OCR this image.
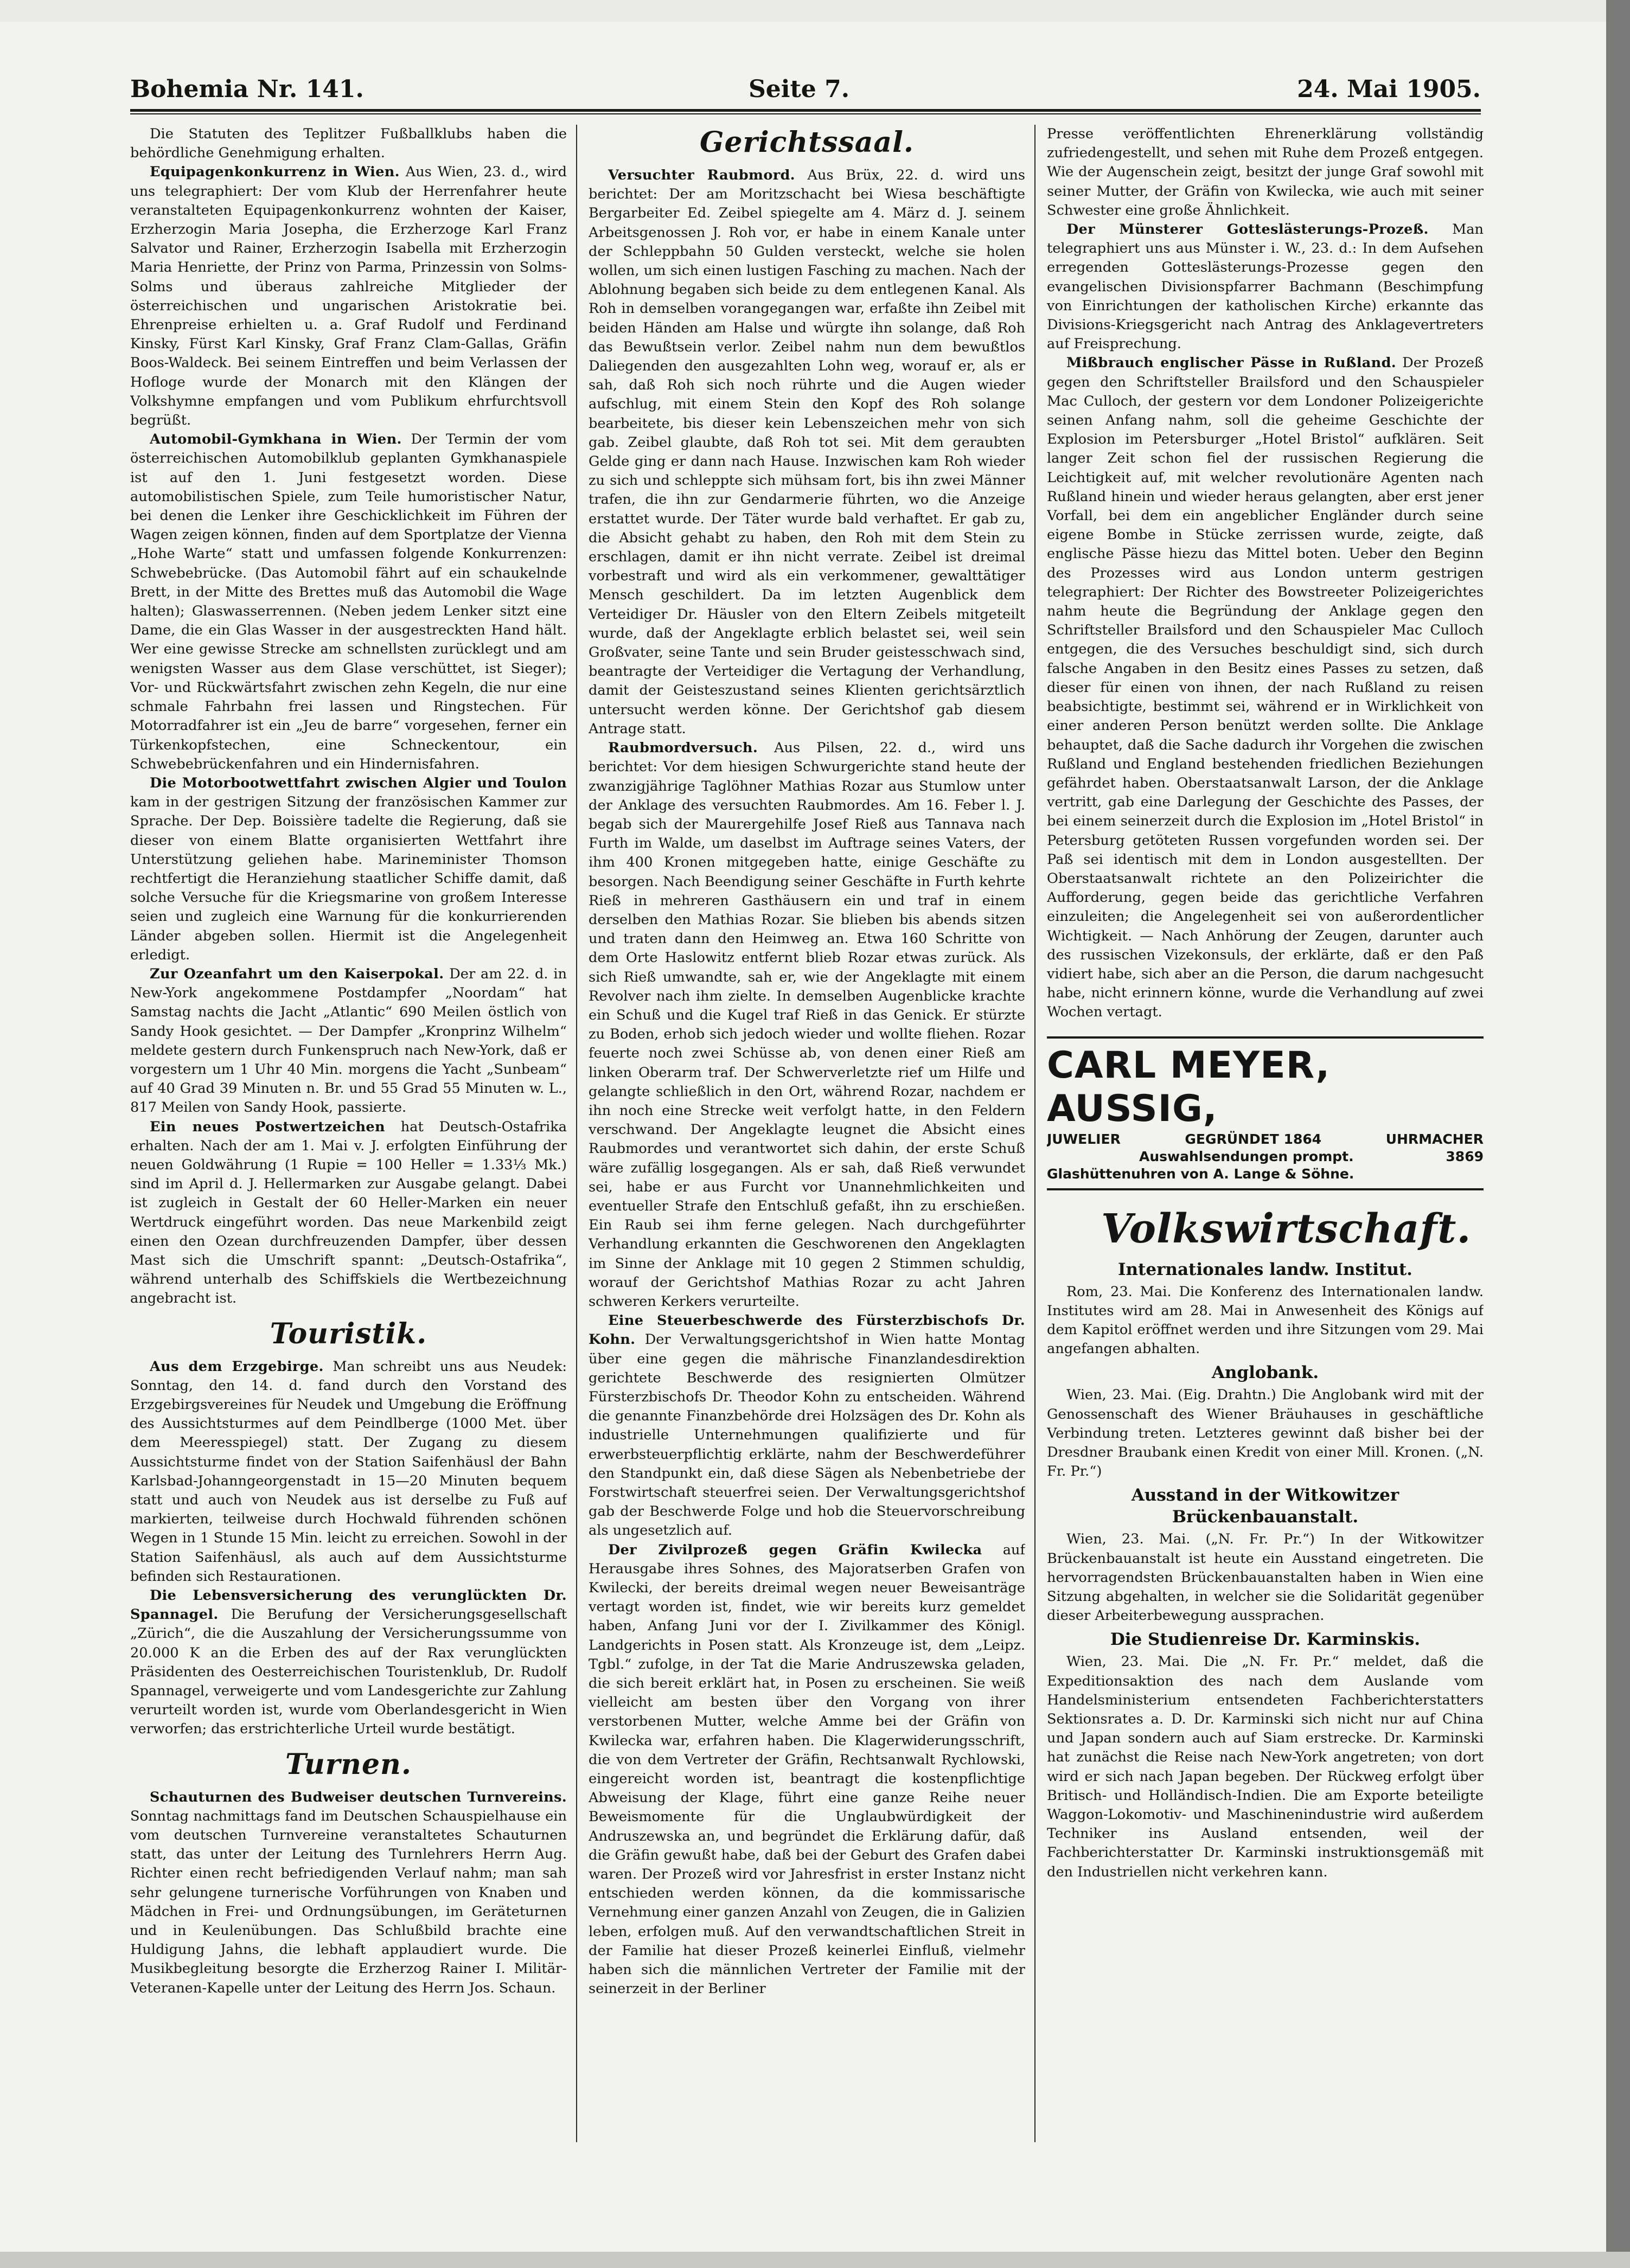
Bohemia Nr. 141.	Seite 7.	24. Mai 1905.

Die Statuten des Teplitzer Fußballklubs haben die behördliche Genehmigung erhalten.

Equipagenkonkurrenz in Wien. Aus Wien, 23. d., wird uns telegraphiert: Der vom Klub der Herrenfahrer heute veranstalteten Equipagenkonkurrenz wohnten der Kaiser, Erzherzogin Maria Josepha, die Erzherzoge Karl Franz Salvator und Rainer, Erzherzogin Isabella mit Erzherzogin Maria Henriette, der Prinz von Parma, Prinzessin von Solms-Solms und überaus zahlreiche Mitglieder der österreichischen und ungarischen Aristokratie bei. Ehrenpreise erhielten u. a. Graf Rudolf und Ferdinand Kinsky, Fürst Karl Kinsky, Graf Franz Clam-Gallas, Gräfin Boos-Waldeck. Bei seinem Eintreffen und beim Verlassen der Hofloge wurde der Monarch mit den Klängen der Volkshymne empfangen und vom Publikum ehrfurchtsvoll begrüßt.

Automobil-Gymkhana in Wien. Der Termin der vom österreichischen Automobilklub geplanten Gymkhanaspiele ist auf den 1. Juni festgesetzt worden. Diese automobilistischen Spiele, zum Teile humoristischer Natur, bei denen die Lenker ihre Geschicklichkeit im Führen der Wagen zeigen können, finden auf dem Sportplatze der Vienna „Hohe Warte“ statt und umfassen folgende Konkurrenzen: Schwebebrücke. (Das Automobil fährt auf ein schaukelnde Brett, in der Mitte des Brettes muß das Automobil die Wage halten); Glaswasserrennen. (Neben jedem Lenker sitzt eine Dame, die ein Glas Wasser in der ausgestreckten Hand hält. Wer eine gewisse Strecke am schnellsten zurücklegt und am wenigsten Wasser aus dem Glase verschüttet, ist Sieger); Vor- und Rückwärtsfahrt zwischen zehn Kegeln, die nur eine schmale Fahrbahn frei lassen und Ringstechen. Für Motorradfahrer ist ein „Jeu de barre“ vorgesehen, ferner ein Türkenkopfstechen, eine Schneckentour, ein Schwebebrückenfahren und ein Hindernisfahren.

Die Motorbootwettfahrt zwischen Algier und Toulon kam in der gestrigen Sitzung der französischen Kammer zur Sprache. Der Dep. Boissière tadelte die Regierung, daß sie dieser von einem Blatte organisierten Wettfahrt ihre Unterstützung geliehen habe. Marineminister Thomson rechtfertigt die Heranziehung staatlicher Schiffe damit, daß solche Versuche für die Kriegsmarine von großem Interesse seien und zugleich eine Warnung für die konkurrierenden Länder abgeben sollen. Hiermit ist die Angelegenheit erledigt.

Zur Ozeanfahrt um den Kaiserpokal. Der am 22. d. in New-York angekommene Postdampfer „Noordam“ hat Samstag nachts die Jacht „Atlantic“ 690 Meilen östlich von Sandy Hook gesichtet. — Der Dampfer „Kronprinz Wilhelm“ meldete gestern durch Funkenspruch nach New-York, daß er vorgestern um 1 Uhr 40 Min. morgens die Yacht „Sunbeam“ auf 40 Grad 39 Minuten n. Br. und 55 Grad 55 Minuten w. L., 817 Meilen von Sandy Hook, passierte.

Ein neues Postwertzeichen hat Deutsch-Ostafrika erhalten. Nach der am 1. Mai v. J. erfolgten Einführung der neuen Goldwährung (1 Rupie = 100 Heller = 1.33⅓ Mk.) sind im April d. J. Hellermarken zur Ausgabe gelangt. Dabei ist zugleich in Gestalt der 60 Heller-Marken ein neuer Wertdruck eingeführt worden. Das neue Markenbild zeigt einen den Ozean durchfreuzenden Dampfer, über dessen Mast sich die Umschrift spannt: „Deutsch-Ostafrika“, während unterhalb des Schiffskiels die Wertbezeichnung angebracht ist.

Touristik.

Aus dem Erzgebirge. Man schreibt uns aus Neudek: Sonntag, den 14. d. fand durch den Vorstand des Erzgebirgsvereines für Neudek und Umgebung die Eröffnung des Aussichtsturmes auf dem Peindlberge (1000 Met. über dem Meeresspiegel) statt. Der Zugang zu diesem Aussichtsturme findet von der Station Saifenhäusl der Bahn Karlsbad-Johanngeorgenstadt in 15—20 Minuten bequem statt und auch von Neudek aus ist derselbe zu Fuß auf markierten, teilweise durch Hochwald führenden schönen Wegen in 1 Stunde 15 Min. leicht zu erreichen. Sowohl in der Station Saifenhäusl, als auch auf dem Aussichtsturme befinden sich Restaurationen.

Die Lebensversicherung des verunglückten Dr. Spannagel. Die Berufung der Versicherungsgesellschaft „Zürich“, die die Auszahlung der Versicherungssumme von 20.000 K an die Erben des auf der Rax verunglückten Präsidenten des Oesterreichischen Touristenklub, Dr. Rudolf Spannagel, verweigerte und vom Landesgerichte zur Zahlung verurteilt worden ist, wurde vom Oberlandesgericht in Wien verworfen; das erstrichterliche Urteil wurde bestätigt.

Turnen.

Schauturnen des Budweiser deutschen Turnvereins. Sonntag nachmittags fand im Deutschen Schauspielhause ein vom deutschen Turnvereine veranstaltetes Schauturnen statt, das unter der Leitung des Turnlehrers Herrn Aug. Richter einen recht befriedigenden Verlauf nahm; man sah sehr gelungene turnerische Vorführungen von Knaben und Mädchen in Frei- und Ordnungsübungen, im Geräteturnen und in Keulenübungen. Das Schlußbild brachte eine Huldigung Jahns, die lebhaft applaudiert wurde. Die Musikbegleitung besorgte die Erzherzog Rainer I. Militär-Veteranen-Kapelle unter der Leitung des Herrn Jos. Schaun.

Gerichtssaal.

Versuchter Raubmord. Aus Brüx, 22. d. wird uns berichtet: Der am Moritzschacht bei Wiesa beschäftigte Bergarbeiter Ed. Zeibel spiegelte am 4. März d. J. seinem Arbeitsgenossen J. Roh vor, er habe in einem Kanale unter der Schleppbahn 50 Gulden versteckt, welche sie holen wollen, um sich einen lustigen Fasching zu machen. Nach der Ablohnung begaben sich beide zu dem entlegenen Kanal. Als Roh in demselben vorangegangen war, erfaßte ihn Zeibel mit beiden Händen am Halse und würgte ihn solange, daß Roh das Bewußtsein verlor. Zeibel nahm nun dem bewußtlos Daliegenden den ausgezahlten Lohn weg, worauf er, als er sah, daß Roh sich noch rührte und die Augen wieder aufschlug, mit einem Stein den Kopf des Roh solange bearbeitete, bis dieser kein Lebenszeichen mehr von sich gab. Zeibel glaubte, daß Roh tot sei. Mit dem geraubten Gelde ging er dann nach Hause. Inzwischen kam Roh wieder zu sich und schleppte sich mühsam fort, bis ihn zwei Männer trafen, die ihn zur Gendarmerie führten, wo die Anzeige erstattet wurde. Der Täter wurde bald verhaftet. Er gab zu, die Absicht gehabt zu haben, den Roh mit dem Stein zu erschlagen, damit er ihn nicht verrate. Zeibel ist dreimal vorbestraft und wird als ein verkommener, gewalttätiger Mensch geschildert. Da im letzten Augenblick dem Verteidiger Dr. Häusler von den Eltern Zeibels mitgeteilt wurde, daß der Angeklagte erblich belastet sei, weil sein Großvater, seine Tante und sein Bruder geistesschwach sind, beantragte der Verteidiger die Vertagung der Verhandlung, damit der Geisteszustand seines Klienten gerichtsärztlich untersucht werden könne. Der Gerichtshof gab diesem Antrage statt.

Raubmordversuch. Aus Pilsen, 22. d., wird uns berichtet: Vor dem hiesigen Schwurgerichte stand heute der zwanzigjährige Taglöhner Mathias Rozar aus Stumlow unter der Anklage des versuchten Raubmordes. Am 16. Feber l. J. begab sich der Maurergehilfe Josef Rieß aus Tannava nach Furth im Walde, um daselbst im Auftrage seines Vaters, der ihm 400 Kronen mitgegeben hatte, einige Geschäfte zu besorgen. Nach Beendigung seiner Geschäfte in Furth kehrte Rieß in mehreren Gasthäusern ein und traf in einem derselben den Mathias Rozar. Sie blieben bis abends sitzen und traten dann den Heimweg an. Etwa 160 Schritte von dem Orte Haslowitz entfernt blieb Rozar etwas zurück. Als sich Rieß umwandte, sah er, wie der Angeklagte mit einem Revolver nach ihm zielte. In demselben Augenblicke krachte ein Schuß und die Kugel traf Rieß in das Genick. Er stürzte zu Boden, erhob sich jedoch wieder und wollte fliehen. Rozar feuerte noch zwei Schüsse ab, von denen einer Rieß am linken Oberarm traf. Der Schwerverletzte rief um Hilfe und gelangte schließlich in den Ort, während Rozar, nachdem er ihn noch eine Strecke weit verfolgt hatte, in den Feldern verschwand. Der Angeklagte leugnet die Absicht eines Raubmordes und verantwortet sich dahin, der erste Schuß wäre zufällig losgegangen. Als er sah, daß Rieß verwundet sei, habe er aus Furcht vor Unannehmlichkeiten und eventueller Strafe den Entschluß gefaßt, ihn zu erschießen. Ein Raub sei ihm ferne gelegen. Nach durchgeführter Verhandlung erkannten die Geschworenen den Angeklagten im Sinne der Anklage mit 10 gegen 2 Stimmen schuldig, worauf der Gerichtshof Mathias Rozar zu acht Jahren schweren Kerkers verurteilte.

Eine Steuerbeschwerde des Fürsterzbischofs Dr. Kohn. Der Verwaltungsgerichtshof in Wien hatte Montag über eine gegen die mährische Finanzlandesdirektion gerichtete Beschwerde des resignierten Olmützer Fürsterzbischofs Dr. Theodor Kohn zu entscheiden. Während die genannte Finanzbehörde drei Holzsägen des Dr. Kohn als industrielle Unternehmungen qualifizierte und für erwerbsteuerpflichtig erklärte, nahm der Beschwerdeführer den Standpunkt ein, daß diese Sägen als Nebenbetriebe der Forstwirtschaft steuerfrei seien. Der Verwaltungsgerichtshof gab der Beschwerde Folge und hob die Steuervorschreibung als ungesetzlich auf.

Der Zivilprozeß gegen Gräfin Kwilecka auf Herausgabe ihres Sohnes, des Majoratserben Grafen von Kwilecki, der bereits dreimal wegen neuer Beweisanträge vertagt worden ist, findet, wie wir bereits kurz gemeldet haben, Anfang Juni vor der I. Zivilkammer des Königl. Landgerichts in Posen statt. Als Kronzeuge ist, dem „Leipz. Tgbl.“ zufolge, in der Tat die Marie Andruszewska geladen, die sich bereit erklärt hat, in Posen zu erscheinen. Sie weiß vielleicht am besten über den Vorgang von ihrer verstorbenen Mutter, welche Amme bei der Gräfin von Kwilecka war, erfahren haben. Die Klagerwiderungsschrift, die von dem Vertreter der Gräfin, Rechtsanwalt Rychlowski, eingereicht worden ist, beantragt die kostenpflichtige Abweisung der Klage, führt eine ganze Reihe neuer Beweismomente für die Unglaubwürdigkeit der Andruszewska an, und begründet die Erklärung dafür, daß die Gräfin gewußt habe, daß bei der Geburt des Grafen dabei waren. Der Prozeß wird vor Jahresfrist in erster Instanz nicht entschieden werden können, da die kommissarische Vernehmung einer ganzen Anzahl von Zeugen, die in Galizien leben, erfolgen muß. Auf den verwandtschaftlichen Streit in der Familie hat dieser Prozeß keinerlei Einfluß, vielmehr haben sich die männlichen Vertreter der Familie mit der seinerzeit in der Berliner

Presse veröffentlichten Ehrenerklärung vollständig zufriedengestellt, und sehen mit Ruhe dem Prozeß entgegen. Wie der Augenschein zeigt, besitzt der junge Graf sowohl mit seiner Mutter, der Gräfin von Kwilecka, wie auch mit seiner Schwester eine große Ähnlichkeit.

Der Münsterer Gotteslästerungs-Prozeß. Man telegraphiert uns aus Münster i. W., 23. d.: In dem Aufsehen erregenden Gotteslästerungs-Prozesse gegen den evangelischen Divisionspfarrer Bachmann (Beschimpfung von Einrichtungen der katholischen Kirche) erkannte das Divisions-Kriegsgericht nach Antrag des Anklagevertreters auf Freisprechung.

Mißbrauch englischer Pässe in Rußland. Der Prozeß gegen den Schriftsteller Brailsford und den Schauspieler Mac Culloch, der gestern vor dem Londoner Polizeigerichte seinen Anfang nahm, soll die geheime Geschichte der Explosion im Petersburger „Hotel Bristol“ aufklären. Seit langer Zeit schon fiel der russischen Regierung die Leichtigkeit auf, mit welcher revolutionäre Agenten nach Rußland hinein und wieder heraus gelangten, aber erst jener Vorfall, bei dem ein angeblicher Engländer durch seine eigene Bombe in Stücke zerrissen wurde, zeigte, daß englische Pässe hiezu das Mittel boten. Ueber den Beginn des Prozesses wird aus London unterm gestrigen telegraphiert: Der Richter des Bowstreeter Polizeigerichtes nahm heute die Begründung der Anklage gegen den Schriftsteller Brailsford und den Schauspieler Mac Culloch entgegen, die des Versuches beschuldigt sind, sich durch falsche Angaben in den Besitz eines Passes zu setzen, daß dieser für einen von ihnen, der nach Rußland zu reisen beabsichtigte, bestimmt sei, während er in Wirklichkeit von einer anderen Person benützt werden sollte. Die Anklage behauptet, daß die Sache dadurch ihr Vorgehen die zwischen Rußland und England bestehenden friedlichen Beziehungen gefährdet haben. Oberstaatsanwalt Larson, der die Anklage vertritt, gab eine Darlegung der Geschichte des Passes, der bei einem seinerzeit durch die Explosion im „Hotel Bristol“ in Petersburg getöteten Russen vorgefunden worden sei. Der Paß sei identisch mit dem in London ausgestellten. Der Oberstaatsanwalt richtete an den Polizeirichter die Aufforderung, gegen beide das gerichtliche Verfahren einzuleiten; die Angelegenheit sei von außerordentlicher Wichtigkeit. — Nach Anhörung der Zeugen, darunter auch des russischen Vizekonsuls, der erklärte, daß er den Paß vidiert habe, sich aber an die Person, die darum nachgesucht habe, nicht erinnern könne, wurde die Verhandlung auf zwei Wochen vertagt.

CARL MEYER, AUSSIG,
JUWELIER	GEGRÜNDET 1864	UHRMACHER
Auswahlsendungen prompt.	3869
Glashüttenuhren von A. Lange & Söhne.
Volkswirtschaft.
Internationales landw. Institut.

Rom, 23. Mai. Die Konferenz des Internationalen landw. Institutes wird am 28. Mai in Anwesenheit des Königs auf dem Kapitol eröffnet werden und ihre Sitzungen vom 29. Mai angefangen abhalten.

Anglobank.

Wien, 23. Mai. (Eig. Drahtn.) Die Anglobank wird mit der Genossenschaft des Wiener Bräuhauses in geschäftliche Verbindung treten. Letzteres gewinnt daß bisher bei der Dresdner Braubank einen Kredit von einer Mill. Kronen. („N. Fr. Pr.“)

Ausstand in der Witkowitzer Brückenbauanstalt.

Wien, 23. Mai. („N. Fr. Pr.“) In der Witkowitzer Brückenbauanstalt ist heute ein Ausstand eingetreten. Die hervorragendsten Brückenbauanstalten haben in Wien eine Sitzung abgehalten, in welcher sie die Solidarität gegenüber dieser Arbeiterbewegung aussprachen.

Die Studienreise Dr. Karminskis.

Wien, 23. Mai. Die „N. Fr. Pr.“ meldet, daß die Expeditionsaktion des nach dem Auslande vom Handelsministerium entsendeten Fachberichterstatters Sektionsrates a. D. Dr. Karminski sich nicht nur auf China und Japan sondern auch auf Siam erstrecke. Dr. Karminski hat zunächst die Reise nach New-York angetreten; von dort wird er sich nach Japan begeben. Der Rückweg erfolgt über Britisch- und Holländisch-Indien. Die am Exporte beteiligte Waggon-Lokomotiv- und Maschinenindustrie wird außerdem Techniker ins Ausland entsenden, weil der Fachberichterstatter Dr. Karminski instruktionsgemäß mit den Industriellen nicht verkehren kann.
